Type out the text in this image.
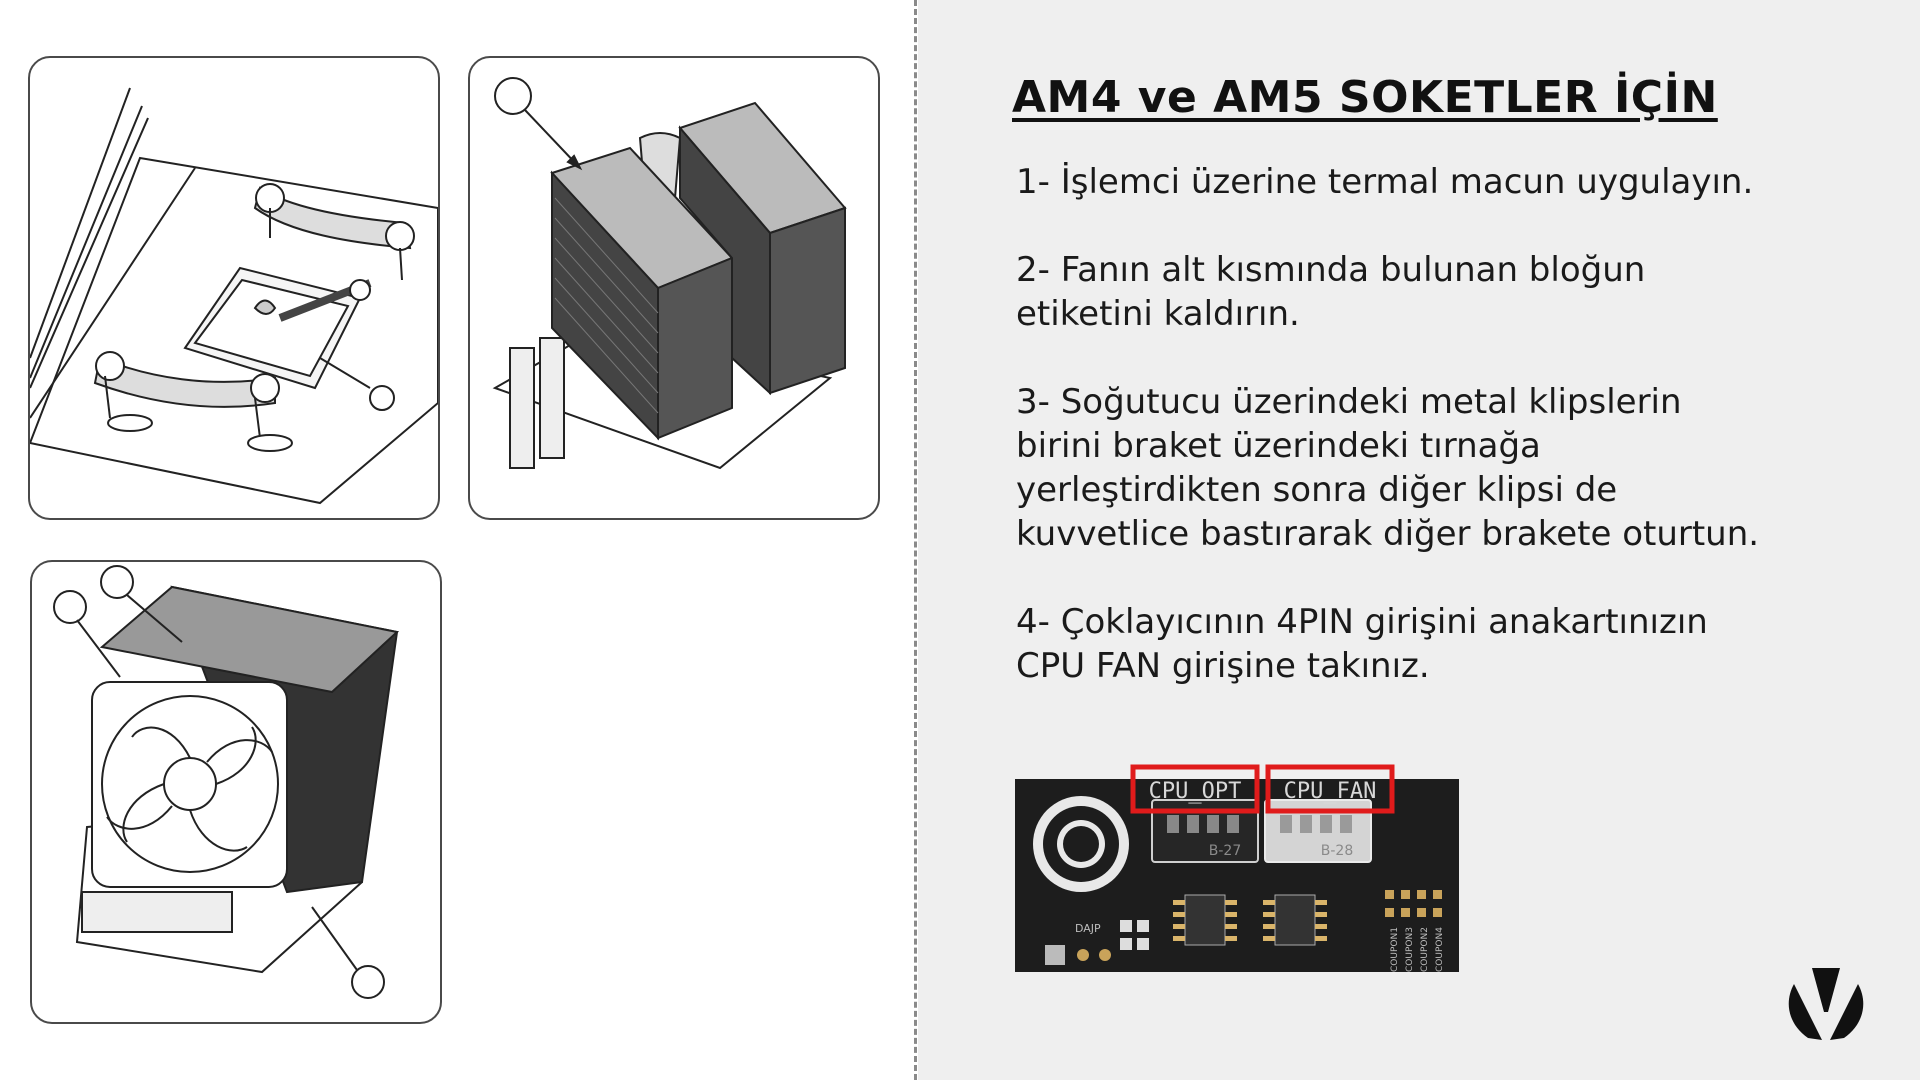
AM4 ve AM5 SOKETLER İÇİN
1- İşlemci üzerine termal macun uygulayın.
2- Fanın alt kısmında bulunan bloğun
etiketini kaldırın.
3- Soğutucu üzerindeki metal klipslerin
birini braket üzerindeki tırnağa
yerleştirdikten sonra diğer klipsi de
kuvvetlice bastırarak diğer brakete oturtun.
4- Çoklayıcının 4PIN girişini anakartınızın
CPU FAN girişine takınız.
B-27	B-28
CPU_OPT CPU_FAN
DAJP	COUPON1 COUPON3 COUPON2 COUPON4
